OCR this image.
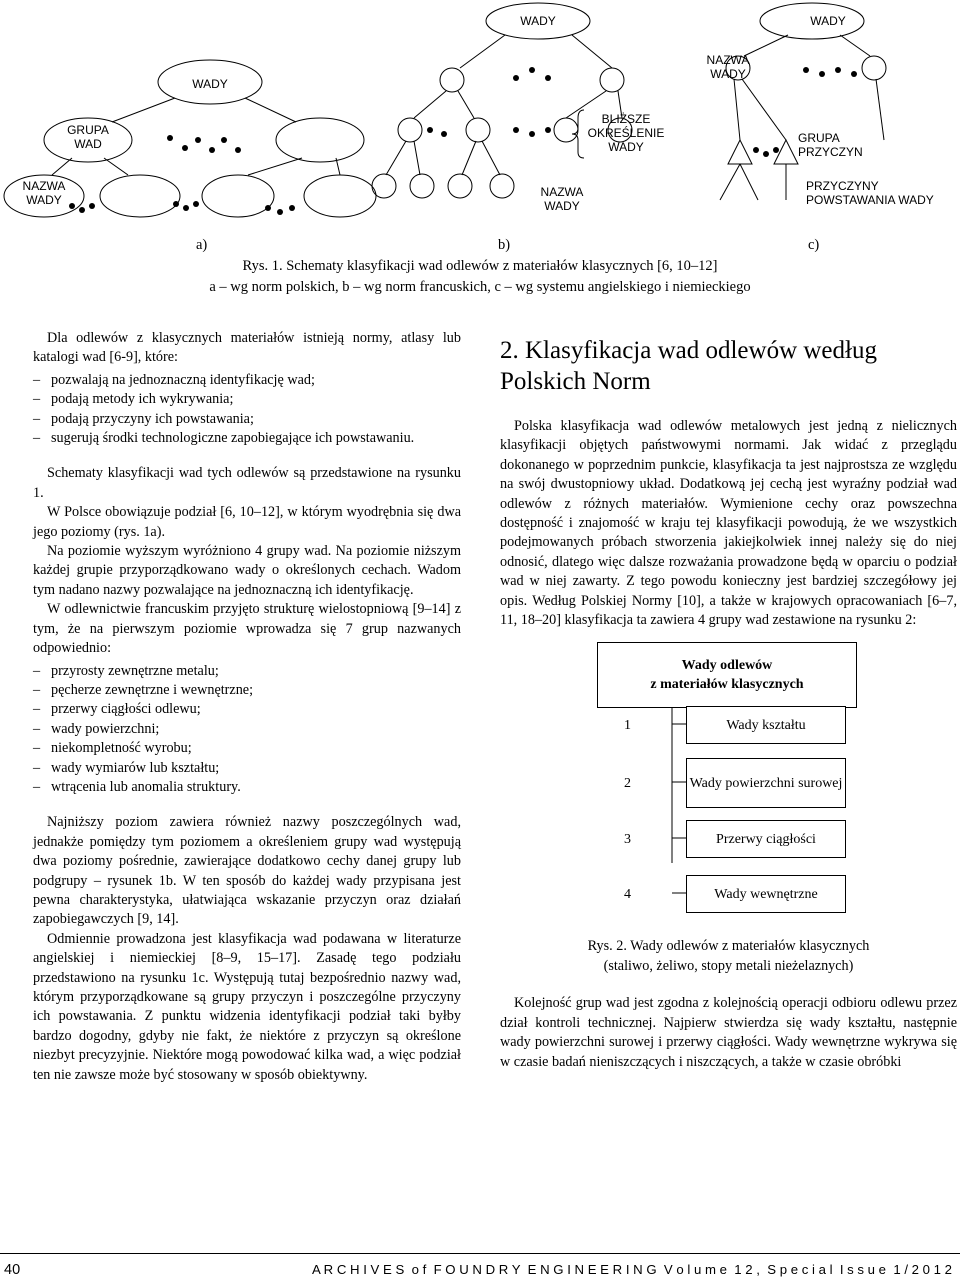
WADY
GRUPA WAD
NAZWA WADY
WADY
BLIŻSZE OKREŚLENIE WADY
NAZWA WADY
WADY
NAZWA WADY
GRUPA PRZYCZYN
PRZYCZYNY POWSTAWANIA WADY
a)	b)	c)
Rys. 1. Schematy klasyfikacji wad odlewów z materiałów klasycznych [6, 10–12]
a – wg norm polskich, b – wg norm francuskich, c – wg systemu angielskiego i niemieckiego

Dla odlewów z klasycznych materiałów istnieją normy, atlasy lub katalogi wad [6-9], które:

– pozwalają na jednoznaczną identyfikację wad;
– podają metody ich wykrywania;
– podają przyczyny ich powstawania;
– sugerują środki technologiczne zapobiegające ich powstawaniu.

Schematy klasyfikacji wad tych odlewów są przedstawione na rysunku 1.

W Polsce obowiązuje podział [6, 10–12], w którym wyodrębnia się dwa jego poziomy (rys. 1a).

Na poziomie wyższym wyróżniono 4 grupy wad. Na poziomie niższym każdej grupie przyporządkowano wady o określonych cechach. Wadom tym nadano nazwy pozwalające na jednoznaczną ich identyfikację.

W odlewnictwie francuskim przyjęto strukturę wielostopniową [9–14] z tym, że na pierwszym poziomie wprowadza się 7 grup nazwanych odpowiednio:

– przyrosty zewnętrzne metalu;
– pęcherze zewnętrzne i wewnętrzne;
– przerwy ciągłości odlewu;
– wady powierzchni;
– niekompletność wyrobu;
– wady wymiarów lub kształtu;
– wtrącenia lub anomalia struktury.

Najniższy poziom zawiera również nazwy poszczególnych wad, jednakże pomiędzy tym poziomem a określeniem grupy wad występują dwa poziomy pośrednie, zawierające dodatkowo cechy danej grupy lub podgrupy – rysunek 1b. W ten sposób do każdej wady przypisana jest pewna charakterystyka, ułatwiająca wskazanie przyczyn oraz działań zapobiegawczych [9, 14].

Odmiennie prowadzona jest klasyfikacja wad podawana w literaturze angielskiej i niemieckiej [8–9, 15–17]. Zasadę tego podziału przedstawiono na rysunku 1c. Występują tutaj bezpośrednio nazwy wad, którym przyporządkowane są grupy przyczyn i poszczególne przyczyny ich powstawania. Z punktu widzenia identyfikacji podział taki byłby bardzo dogodny, gdyby nie fakt, że niektóre z przyczyn są określone niezbyt precyzyjnie. Niektóre mogą powodować kilka wad, a więc podział ten nie zawsze może być stosowany w sposób obiektywny.

2. Klasyfikacja wad odlewów według Polskich Norm

Polska klasyfikacja wad odlewów metalowych jest jedną z nielicznych klasyfikacji objętych państwowymi normami. Jak widać z przeglądu dokonanego w poprzednim punkcie, klasyfikacja ta jest najprostsza ze względu na swój dwustopniowy układ. Dodatkową jej cechą jest wyraźny podział wad odlewów z różnych materiałów. Wymienione cechy oraz powszechna dostępność i znajomość w kraju tej klasyfikacji powodują, że we wszystkich podejmowanych próbach stworzenia jakiejkolwiek innej należy się do niej odnosić, dlatego więc dalsze rozważania prowadzone będą w oparciu o podział wad w niej zawarty. Z tego powodu konieczny jest bardziej szczegółowy jej opis. Według Polskiej Normy [10], a także w krajowych opracowaniach [6–7, 11, 18–20] klasyfikacja ta zawiera 4 grupy wad zestawione na rysunku 2:

Wady odlewów
z materiałów klasycznych
1
2
3
4
Wady kształtu
Wady powierzchni surowej
Przerwy ciągłości
Wady wewnętrzne
Rys. 2. Wady odlewów z materiałów klasycznych
(staliwo, żeliwo, stopy metali nieżelaznych)

Kolejność grup wad jest zgodna z kolejnością operacji odbioru odlewu przez dział kontroli technicznej. Najpierw stwierdza się wady kształtu, następnie wady powierzchni surowej i przerwy ciągłości. Wady wewnętrzne wykrywa się w czasie badań nieniszczących i niszczących, a także w czasie obróbki

40	A R C H I V E S  o f  F O U N D R Y  E N G I N E E R I N G  V o l u m e  1 2 ,  S p e c i a l  I s s u e  1 / 2 0 1 2
